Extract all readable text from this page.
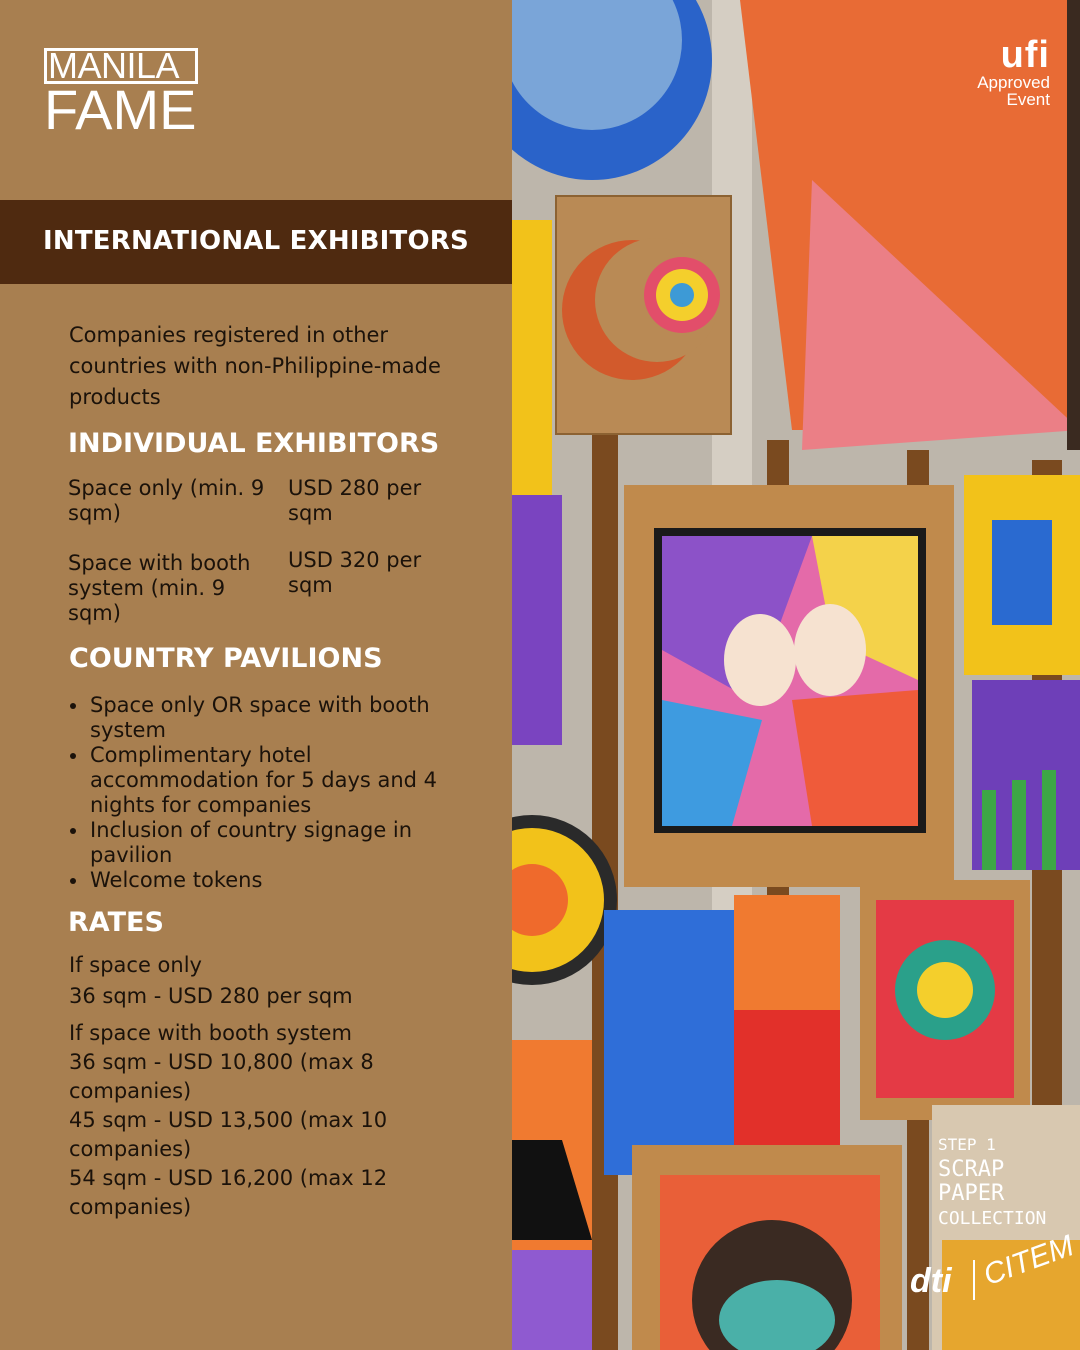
MANILA
FAME
INTERNATIONAL EXHIBITORS
Companies registered in other countries with non-Philippine-made products
INDIVIDUAL EXHIBITORS
Space only (min. 9 sqm)
USD 280 per sqm
Space with booth system (min. 9 sqm)
USD 320 per sqm
COUNTRY PAVILIONS
Space only OR space with booth system
Complimentary hotel accommodation for 5 days and 4 nights for companies
Inclusion of country signage in pavilion
Welcome tokens
RATES
If space only
36 sqm - USD 280 per sqm
If space with booth system
36 sqm - USD 10,800 (max 8 companies)
45 sqm - USD 13,500 (max 10 companies)
54 sqm - USD 16,200 (max 12 companies)
STEP 1
SCRAP
PAPER
COLLECTION
ufi
Approved
Event
dti CITEM
